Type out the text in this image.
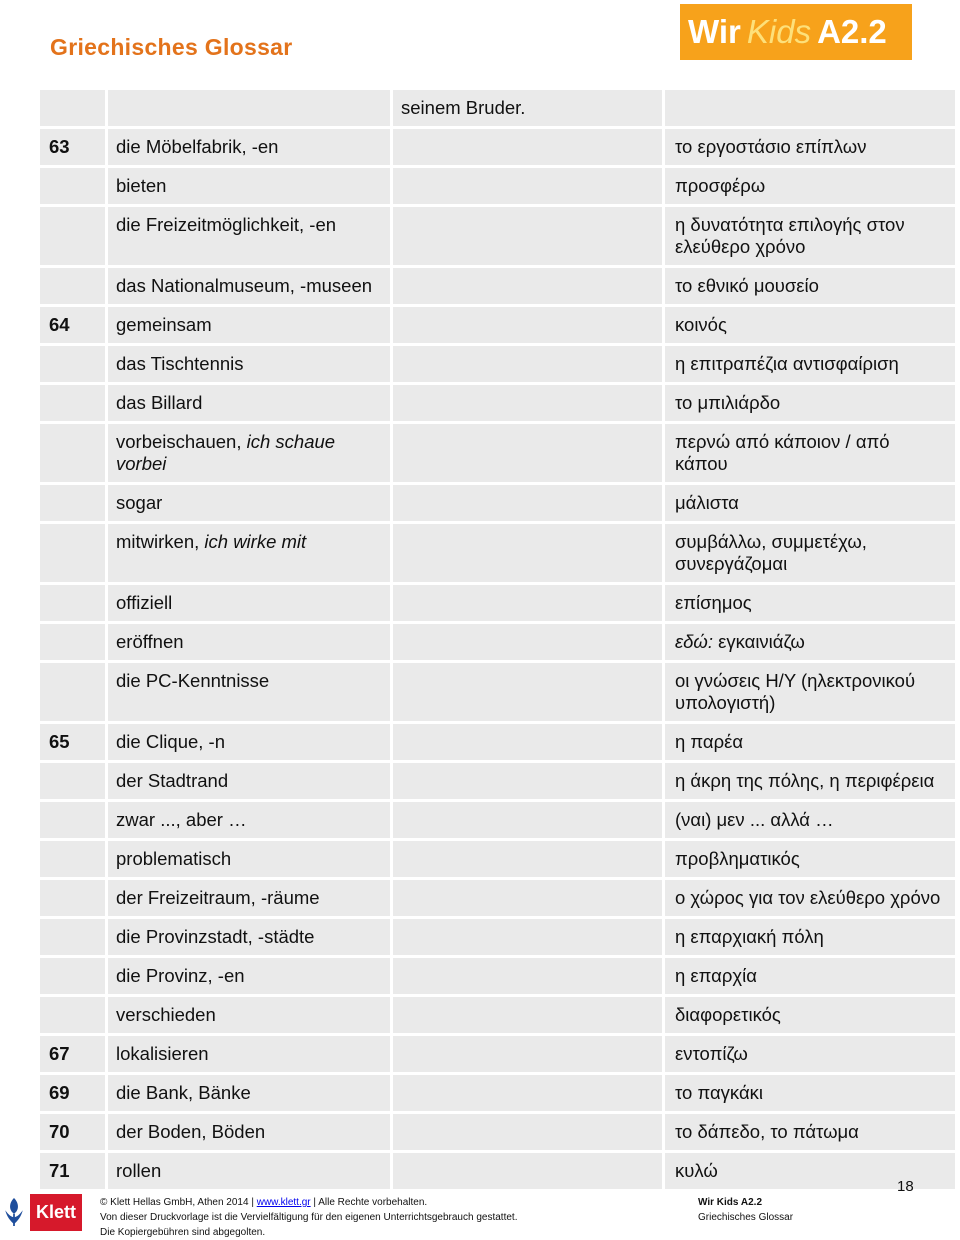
Griechisches Glossar	Wir Kids A2.2
		seinem Bruder.	
63	die Möbelfabrik, -en		το εργοστάσιο επίπλων
	bieten		προσφέρω
	die Freizeitmöglichkeit, -en		η δυνατότητα επιλογής στον ελεύθερο χρόνο
	das Nationalmuseum, -museen		το εθνικό μουσείο
64	gemeinsam		κοινός
	das Tischtennis		η επιτραπέζια αντισφαίριση
	das Billard		το μπιλιάρδο
	vorbeischauen, ich schaue vorbei		περνώ από κάποιον / από κάπου
	sogar		μάλιστα
	mitwirken, ich wirke mit		συμβάλλω, συμμετέχω, συνεργάζομαι
	offiziell		επίσημος
	eröffnen		εδώ: εγκαινιάζω
	die PC-Kenntnisse		οι γνώσεις Η/Υ (ηλεκτρονικού υπολογιστή)
65	die Clique, -n		η παρέα
	der Stadtrand		η άκρη της πόλης, η περιφέρεια
	zwar ..., aber …		(ναι) μεν ... αλλά …
	problematisch		προβληματικός
	der Freizeitraum, -räume		ο χώρος για τον ελεύθερο χρόνο
	die Provinzstadt, -städte		η επαρχιακή πόλη
	die Provinz, -en		η επαρχία
	verschieden		διαφορετικός
67	lokalisieren		εντοπίζω
69	die Bank, Bänke		το παγκάκι
70	der Boden, Böden		το δάπεδο, το πάτωμα
71	rollen		κυλώ
18
Klett	© Klett Hellas GmbH, Athen 2014 | www.klett.gr | Alle Rechte vorbehalten.
Von dieser Druckvorlage ist die Vervielfältigung für den eigenen Unterrichtsgebrauch gestattet.
Die Kopiergebühren sind abgegolten.
Wir Kids A2.2
Griechisches Glossar
